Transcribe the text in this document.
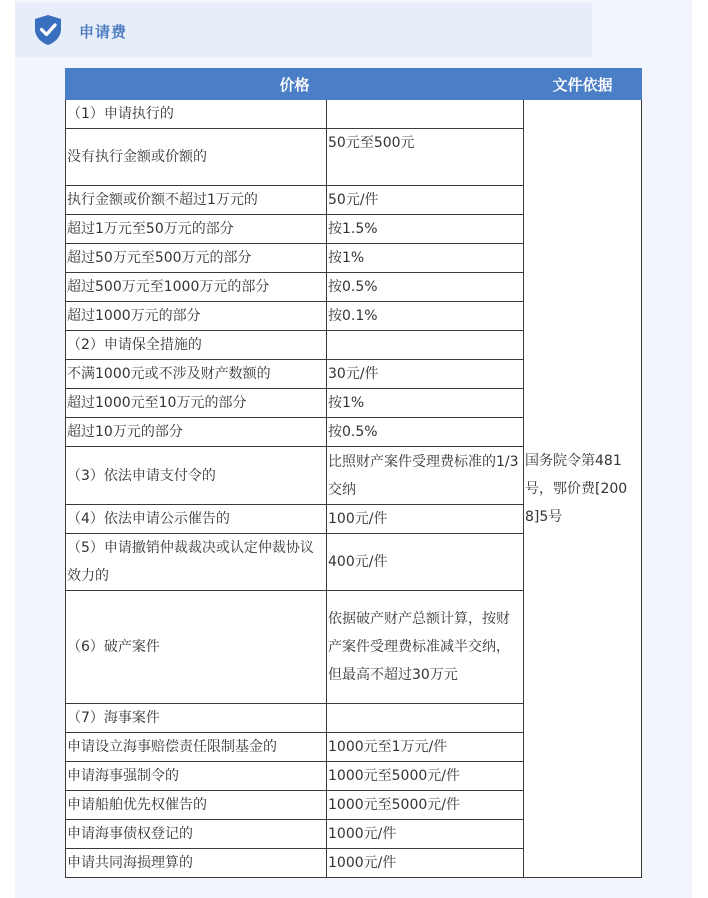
申请费
价格		文件依据
（1）申请执行的		国务院令第481号，鄂价费[2008]5号
没有执行金额或价额的	50元至500元	
执行金额或价额不超过1万元的	50元/件	
超过1万元至50万元的部分	按1.5%	
超过50万元至500万元的部分	按1%	
超过500万元至1000万元的部分	按0.5%	
超过1000万元的部分	按0.1%	
（2）申请保全措施的		
不满1000元或不涉及财产数额的	30元/件	
超过1000元至10万元的部分	按1%	
超过10万元的部分	按0.5%	
（3）依法申请支付令的	比照财产案件受理费标准的1/3交纳	
（4）依法申请公示催告的	100元/件	
（5）申请撤销仲裁裁决或认定仲裁协议效力的	400元/件	
（6）破产案件	依据破产财产总额计算，按财产案件受理费标准减半交纳，但最高不超过30万元	
（7）海事案件		
申请设立海事赔偿责任限制基金的	1000元至1万元/件	
申请海事强制令的	1000元至5000元/件	
申请船舶优先权催告的	1000元至5000元/件	
申请海事债权登记的	1000元/件	
申请共同海损理算的	1000元/件	
